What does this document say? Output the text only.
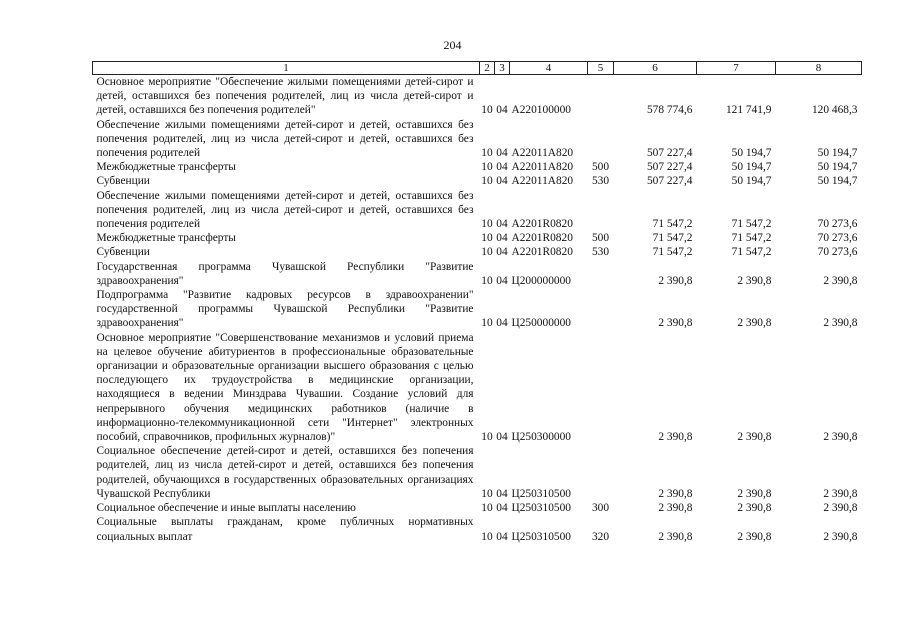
204
1	2	3	4	5	6	7	8
Основное мероприятие "Обеспечение жилыми помещениями детей-сирот и детей, оставшихся без попечения родителей, лиц из числа детей-сирот и детей, оставшихся без попечения родителей"	10	04	А220100000		578 774,6	121 741,9	120 468,3
Обеспечение жилыми помещениями детей-сирот и детей, оставшихся без попечения родителей, лиц из числа детей-сирот и детей, оставшихся без попечения родителей	10	04	А22011А820		507 227,4	50 194,7	50 194,7
Межбюджетные трансферты	10	04	А22011А820	500	507 227,4	50 194,7	50 194,7
Субвенции	10	04	А22011А820	530	507 227,4	50 194,7	50 194,7
Обеспечение жилыми помещениями детей-сирот и детей, оставшихся без попечения родителей, лиц из числа детей-сирот и детей, оставшихся без попечения родителей	10	04	А2201R0820		71 547,2	71 547,2	70 273,6
Межбюджетные трансферты	10	04	А2201R0820	500	71 547,2	71 547,2	70 273,6
Субвенции	10	04	А2201R0820	530	71 547,2	71 547,2	70 273,6
Государственная программа Чувашской Республики "Развитие здравоохранения"	10	04	Ц200000000		2 390,8	2 390,8	2 390,8
Подпрограмма "Развитие кадровых ресурсов в здравоохранении" государственной программы Чувашской Республики "Развитие здравоохранения"	10	04	Ц250000000		2 390,8	2 390,8	2 390,8
Основное мероприятие "Совершенствование механизмов и условий приема на целевое обучение абитуриентов в профессиональные образовательные организации и образовательные организации высшего образования с целью последующего их трудоустройства в медицинские организации, находящиеся в ведении Минздрава Чувашии. Создание условий для непрерывного обучения медицинских работников (наличие в информационно-телекоммуникационной сети "Интернет" электронных пособий, справочников, профильных журналов)"	10	04	Ц250300000		2 390,8	2 390,8	2 390,8
Социальное обеспечение детей-сирот и детей, оставшихся без попечения родителей, лиц из числа детей-сирот и детей, оставшихся без попечения родителей, обучающихся в государственных образовательных организациях Чувашской Республики	10	04	Ц250310500		2 390,8	2 390,8	2 390,8
Социальное обеспечение и иные выплаты населению	10	04	Ц250310500	300	2 390,8	2 390,8	2 390,8
Социальные выплаты гражданам, кроме публичных нормативных социальных выплат	10	04	Ц250310500	320	2 390,8	2 390,8	2 390,8
